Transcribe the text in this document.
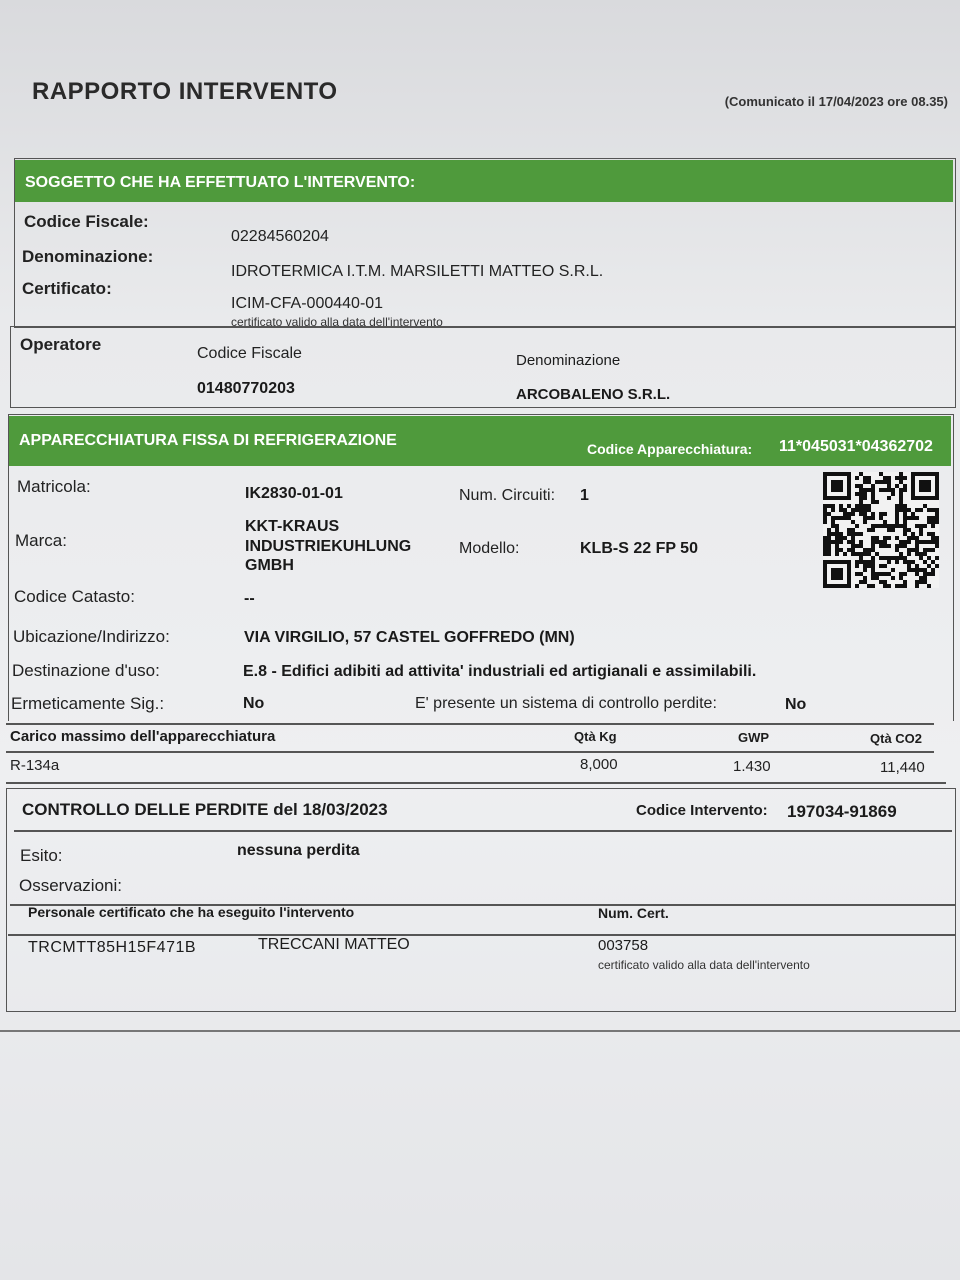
RAPPORTO INTERVENTO	(Comunicato il 17/04/2023 ore 08.35)
SOGGETTO CHE HA EFFETTUATO L'INTERVENTO:
Codice Fiscale:
02284560204
Denominazione:
IDROTERMICA I.T.M. MARSILETTI MATTEO S.R.L.
Certificato:
ICIM-CFA-000440-01
certificato valido alla data dell'intervento
Operatore	Codice Fiscale
01480770203
Denominazione
ARCOBALENO S.R.L.
APPARECCHIATURA FISSA DI REFRIGERAZIONE	Codice Apparecchiatura: 11*045031*04362702
Matricola:	IK2830-01-01	Num. Circuiti: 1
Marca:
KKT-KRAUS
INDUSTRIEKUHLUNG
GMBH
Modello:	KLB-S 22 FP 50
Codice Catasto:	--
Ubicazione/Indirizzo:	VIA VIRGILIO, 57 CASTEL GOFFREDO (MN)
Destinazione d'uso:	E.8 - Edifici adibiti ad attivita' industriali ed artigianali e assimilabili.
Ermeticamente Sig.:	No	E' presente un sistema di controllo perdite:	No
Carico massimo dell'apparecchiatura	Qtà Kg	GWP	Qtà CO2
R-134a	8,000	1.430	11,440
CONTROLLO DELLE PERDITE del 18/03/2023	Codice Intervento: 197034-91869
Esito:	nessuna perdita
Osservazioni:
Personale certificato che ha eseguito l'intervento	Num. Cert.
TRCMTT85H15F471B	TRECCANI MATTEO	003758
certificato valido alla data dell'intervento
